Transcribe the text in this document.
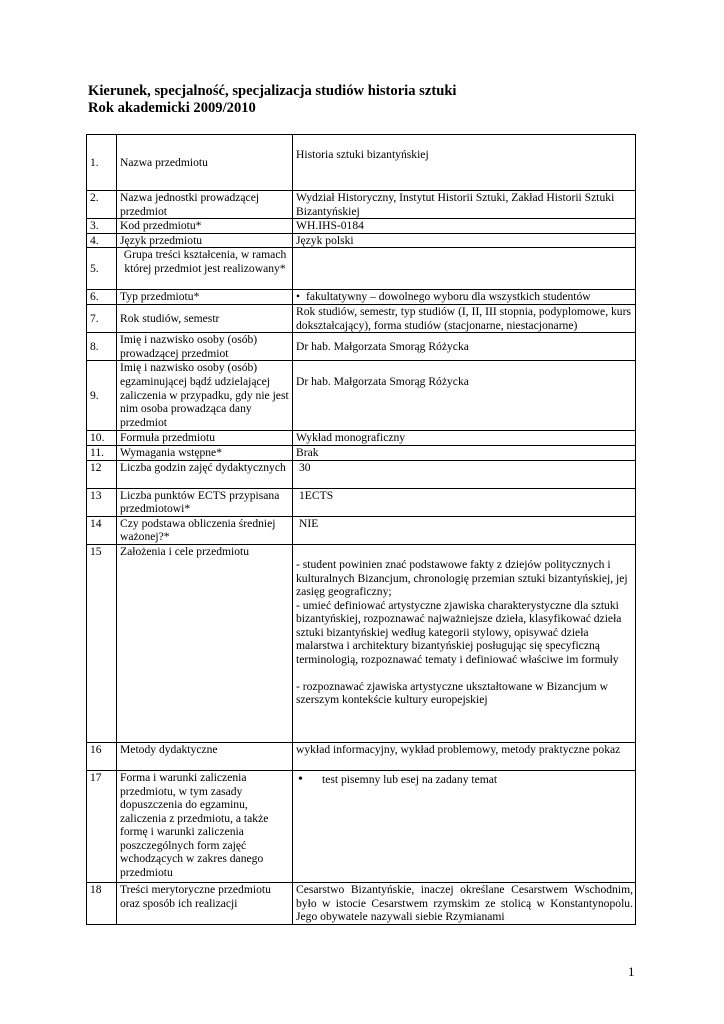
Kierunek, specjalność, specjalizacja studiów historia sztuki
Rok akademicki 2009/2010
1.	Nazwa przedmiotu	Historia sztuki bizantyńskiej
2.	Nazwa jednostki prowadzącej przedmiot	Wydział Historyczny, Instytut Historii Sztuki, Zakład Historii Sztuki Bizantyńskiej
3.	Kod przedmiotu*	WH.IHS-0184
4.	Język przedmiotu	Język polski
5.	Grupa treści kształcenia, w ramach której przedmiot jest realizowany*	
6.	Typ przedmiotu*	• fakultatywny – dowolnego wyboru dla wszystkich studentów

7.	Rok studiów, semestr	Rok studiów, semestr, typ studiów (I, II, III stopnia, podyplomowe, kurs dokształcający), forma studiów (stacjonarne, niestacjonarne)
8.	Imię i nazwisko osoby (osób) prowadzącej przedmiot	Dr hab. Małgorzata Smorąg Różycka
9.	Imię i nazwisko osoby (osób) egzaminującej bądź udzielającej zaliczenia w przypadku, gdy nie jest nim osoba prowadząca dany przedmiot	Dr hab. Małgorzata Smorąg Różycka
10.	Formuła przedmiotu	Wykład monograficzny
11.	Wymagania wstępne*	Brak
12	Liczba godzin zajęć dydaktycznych	30
13	Liczba punktów ECTS przypisana przedmiotowi*	1ECTS
14	Czy podstawa obliczenia średniej ważonej?*	NIE
15	Założenia i cele przedmiotu	- student powinien znać podstawowe fakty z dziejów politycznych i kulturalnych Bizancjum, chronologię przemian sztuki bizantyńskiej, jej zasięg geograficzny;

- umieć definiować artystyczne zjawiska charakterystyczne dla sztuki bizantyńskiej, rozpoznawać najważniejsze dzieła, klasyfikować dzieła sztuki bizantyńskiej według kategorii stylowy, opisywać dzieła malarstwa i architektury bizantyńskiej posługując się specyficzną terminologią, rozpoznawać tematy i definiować właściwe im formuły

- rozpoznawać zjawiska artystyczne ukształtowane w Bizancjum w szerszym kontekście kultury europejskiej

16	Metody dydaktyczne	wykład informacyjny, wykład problemowy, metody praktyczne pokaz
17	Forma i warunki zaliczenia przedmiotu, w tym zasady dopuszczenia do egzaminu, zaliczenia z przedmiotu, a także formę i warunki zaliczenia poszczególnych form zajęć wchodzących w zakres danego przedmiotu	• test pisemny lub esej na zadany temat

18	Treści merytoryczne przedmiotu oraz sposób ich realizacji	Cesarstwo Bizantyńskie, inaczej określane Cesarstwem Wschodnim, było w istocie Cesarstwem rzymskim ze stolicą w Konstantynopolu. Jego obywatele nazywali siebie Rzymianami
1
